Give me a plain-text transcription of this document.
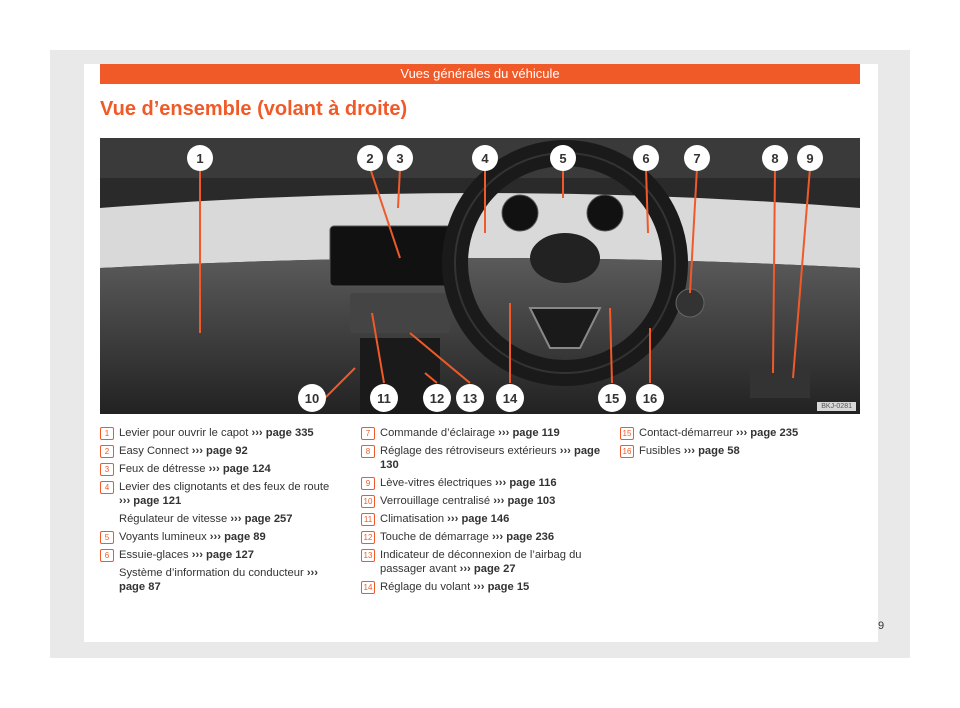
Vues générales du véhicule
Vue d’ensemble (volant à droite)
1	2 3	4	5	6	7	8 9
10	11	12 13 14	15 16
BKJ-0281
1 Levier pour ouvrir le capot ››› page 335
2 Easy Connect ››› page 92
3 Feux de détresse ››› page 124
4 Levier des clignotants et des feux de route ››› page 121
Régulateur de vitesse ››› page 257
5 Voyants lumineux ››› page 89
6 Essuie-glaces ››› page 127
Système d’information du conducteur ››› page 87
7 Commande d’éclairage ››› page 119
8 Réglage des rétroviseurs extérieurs ››› page 130
9 Lève-vitres électriques ››› page 116
10 Verrouillage centralisé ››› page 103
11 Climatisation ››› page 146
12 Touche de démarrage ››› page 236
13 Indicateur de déconnexion de l’airbag du passager avant ››› page 27
14 Réglage du volant ››› page 15
15 Contact-démarreur ››› page 235
16 Fusibles ››› page 58
9
